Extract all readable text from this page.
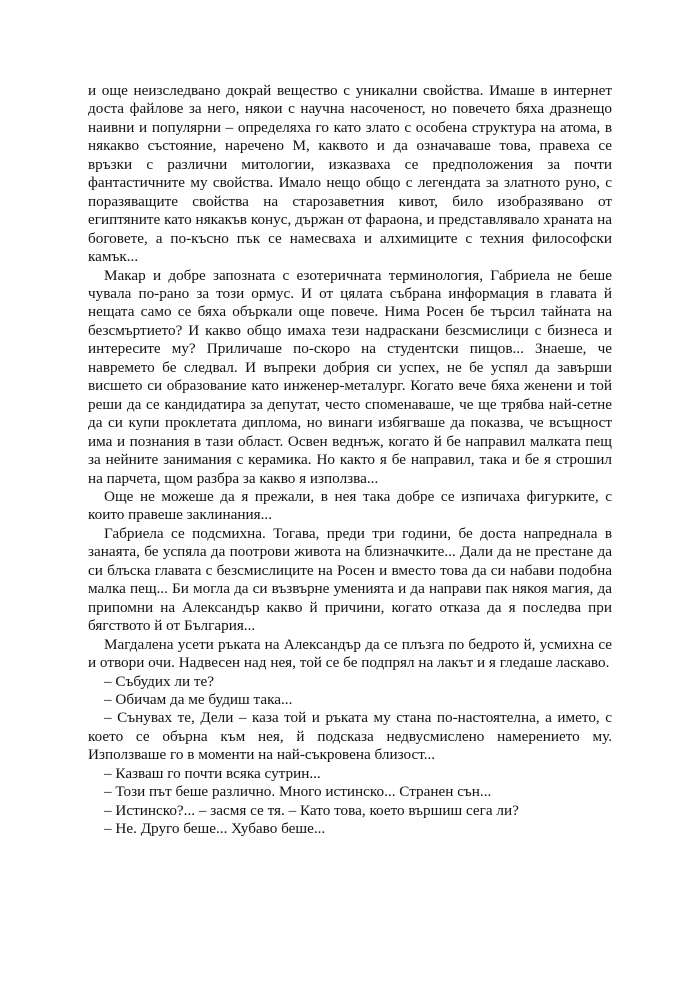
и още неизследвано докрай вещество с уникални свойства. Имаше в интернет доста файлове за него, някои с научна насоченост, но повечето бяха дразнещо наивни и популярни – определяха го като злато с особена структура на атома, в някакво състояние, наречено М, каквото и да означаваше това, правеха се връзки с различни митологии, изказваха се предположения за почти фантастичните му свойства. Имало нещо общо с легендата за златното руно, с поразяващите свойства на старозаветния кивот, било изобразявано от египтяните като някакъв конус, държан от фараона, и представлявало храната на боговете, а по-късно пък се намесваха и алхимиците с техния философски камък...

Макар и добре запозната с езотеричната терминология, Габриела не беше чувала по-рано за този ормус. И от цялата събрана информация в главата й нещата само се бяха объркали още повече. Нима Росен бе търсил тайната на безсмъртието? И какво общо имаха тези надраскани безсмислици с бизнеса и интересите му? Приличаше по-скоро на студентски пищов... Знаеше, че навремето бе следвал. И въпреки добрия си успех, не бе успял да завърши висшето си образование като инженер-металург. Когато вече бяха женени и той реши да се кандидатира за депутат, често споменаваше, че ще трябва най-сетне да си купи проклетата диплома, но винаги избягваше да показва, че всъщност има и познания в тази област. Освен веднъж, когато й бе направил малката пещ за нейните занимания с керамика. Но както я бе направил, така и бе я строшил на парчета, щом разбра за какво я използва...

Още не можеше да я прежали, в нея така добре се изпичаха фигурките, с които правеше заклинания...

Габриела се подсмихна. Тогава, преди три години, бе доста напреднала в занаята, бе успяла да поотрови живота на близначките... Дали да не престане да си блъска главата с безсмислиците на Росен и вместо това да си набави подобна малка пещ... Би могла да си възвърне уменията и да направи пак някоя магия, да припомни на Александър какво й причини, когато отказа да я последва при бягството й от България...

Магдалена усети ръката на Александър да се плъзга по бедрото й, усмихна се и отвори очи. Надвесен над нея, той се бе подпрял на лакът и я гледаше ласкаво.

– Събудих ли те?

– Обичам да ме будиш така...

– Сънувах те, Дели – каза той и ръката му стана по-настоятелна, а името, с което се обърна към нея, й подсказа недвусмислено намерението му. Използваше го в моменти на най-съкровена близост...

– Казваш го почти всяка сутрин...

– Този път беше различно. Много истинско... Странен сън...

– Истинско?... – засмя се тя. – Като това, което вършиш сега ли?

– Не. Друго беше... Хубаво беше...
